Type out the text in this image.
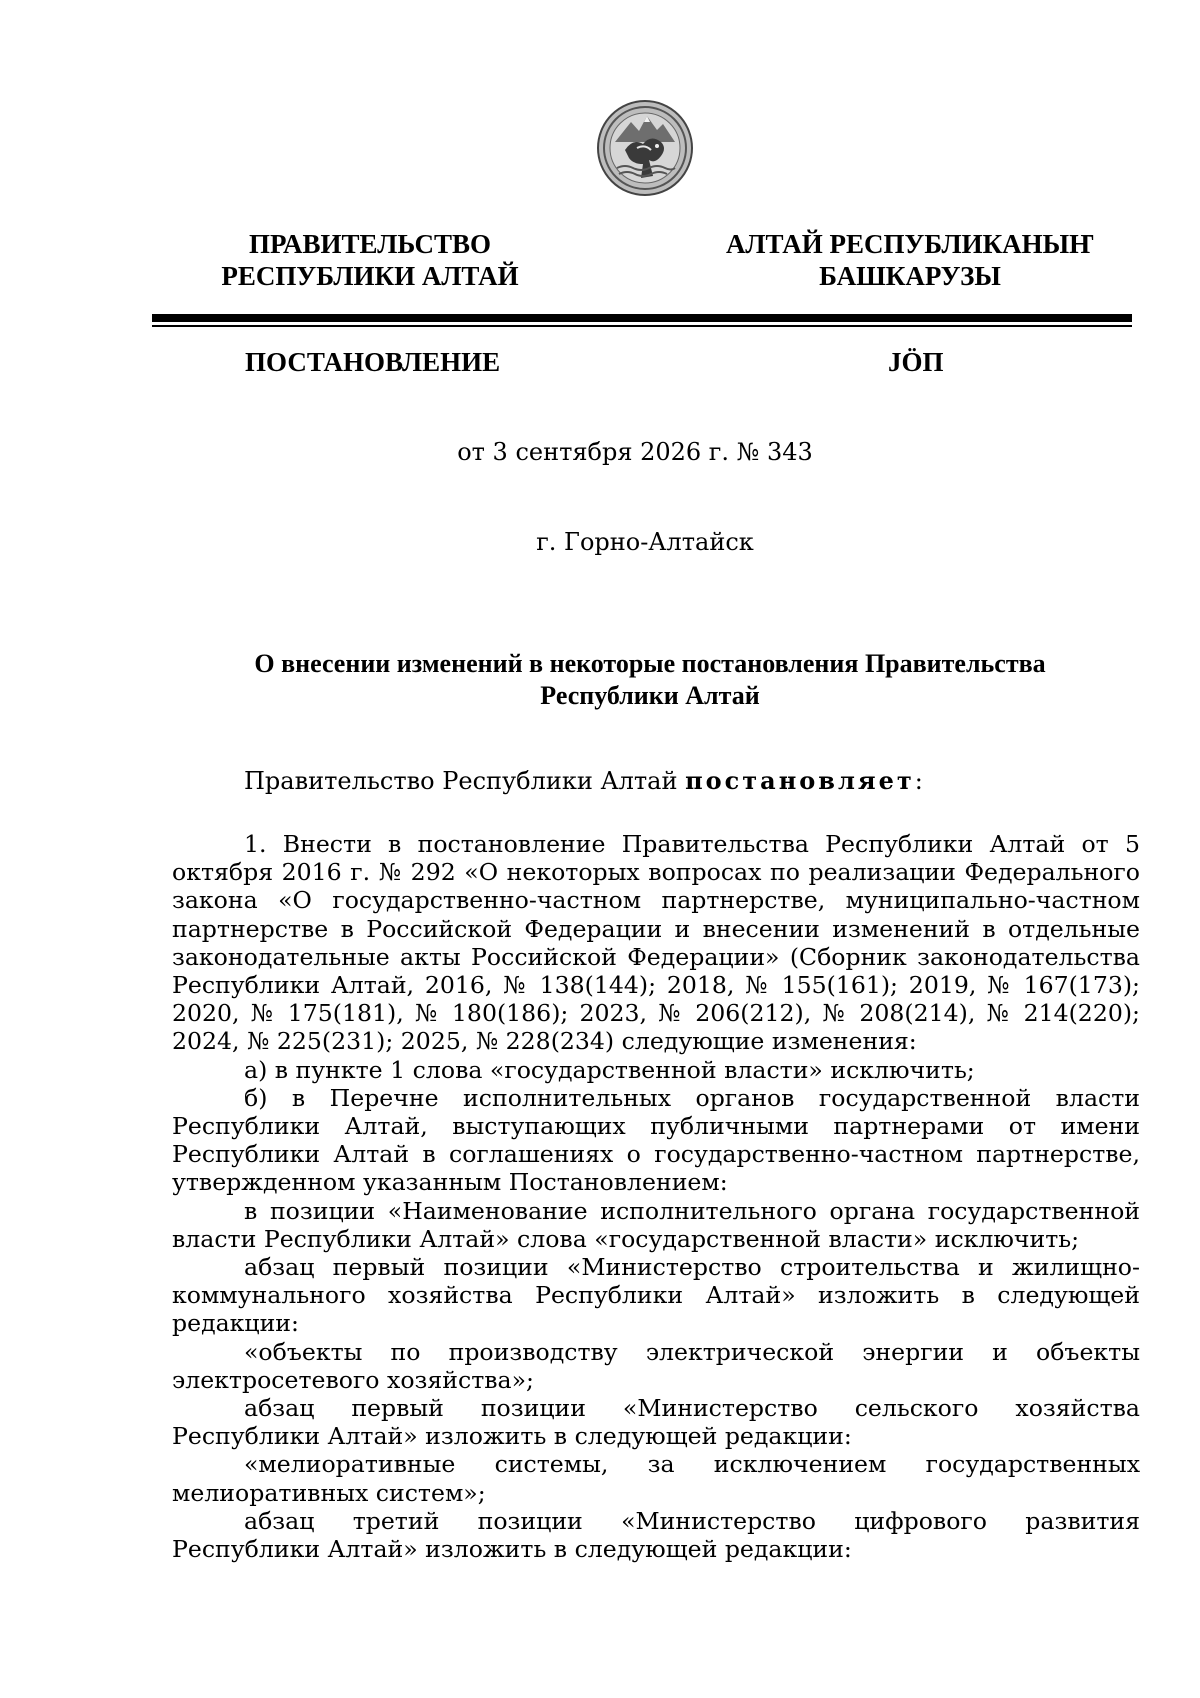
ПРАВИТЕЛЬСТВО
РЕСПУБЛИКИ АЛТАЙ
АЛТАЙ РЕСПУБЛИКАНЫҤ
БАШКАРУЗЫ
ПОСТАНОВЛЕНИЕ	JÖП
от 3 сентября 2026 г. № 343
г. Горно-Алтайск
О внесении изменений в некоторые постановления Правительства
Республики Алтай
Правительство Республики Алтай постановляет:

1. Внести в постановление Правительства Республики Алтай от 5 октября 2016 г. № 292 «О некоторых вопросах по реализации Федерального закона «О государственно-частном партнерстве, муниципально-частном партнерстве в Российской Федерации и внесении изменений в отдельные законодательные акты Российской Федерации» (Сборник законодательства Республики Алтай, 2016, № 138(144); 2018, № 155(161); 2019, № 167(173); 2020, № 175(181), № 180(186); 2023, № 206(212), № 208(214), № 214(220); 2024, № 225(231); 2025, № 228(234) следующие изменения:

а) в пункте 1 слова «государственной власти» исключить;

б) в Перечне исполнительных органов государственной власти Республики Алтай, выступающих публичными партнерами от имени Республики Алтай в соглашениях о государственно-частном партнерстве, утвержденном указанным Постановлением:

в позиции «Наименование исполнительного органа государственной власти Республики Алтай» слова «государственной власти» исключить;

абзац первый позиции «Министерство строительства и жилищно-коммунального хозяйства Республики Алтай» изложить в следующей редакции:

«объекты по производству электрической энергии и объекты электросетевого хозяйства»;

абзац первый позиции «Министерство сельского хозяйства Республики Алтай» изложить в следующей редакции:

«мелиоративные системы, за исключением государственных мелиоративных систем»;

абзац третий позиции «Министерство цифрового развития Республики Алтай» изложить в следующей редакции:
